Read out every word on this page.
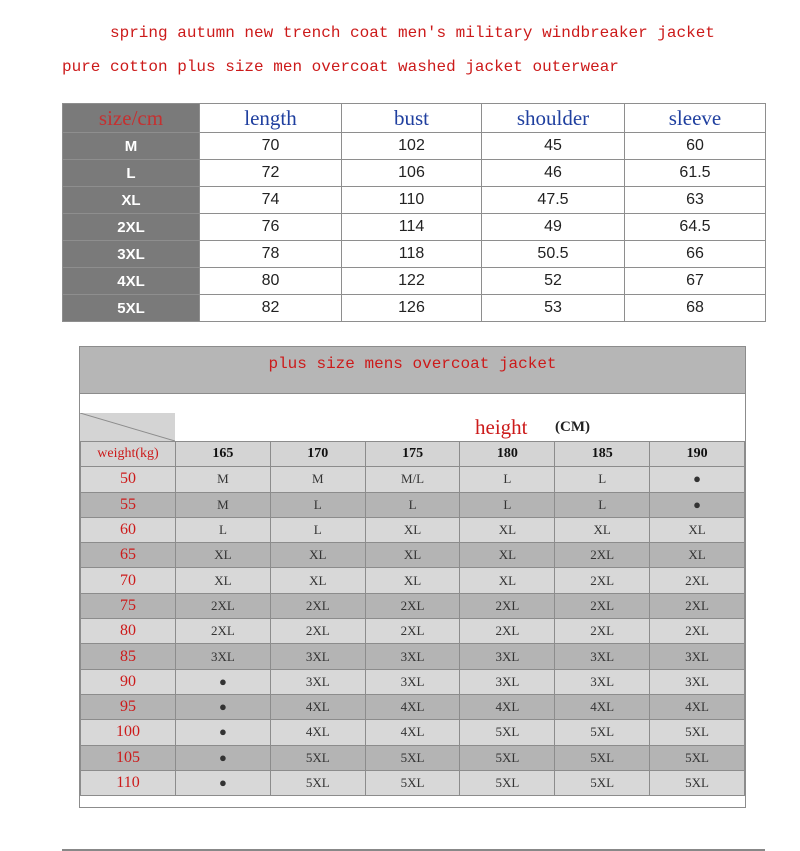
spring autumn new trench coat men's military windbreaker jacket
pure cotton plus size men overcoat washed jacket outerwear
size/cm	length	bust	shoulder	sleeve
M	70	102	45	60
L	72	106	46	61.5
XL	74	110	47.5	63
2XL	76	114	49	64.5
3XL	78	118	50.5	66
4XL	80	122	52	67
5XL	82	126	53	68
plus size mens overcoat jacket
height (CM)
weight(kg)	165	170	175	180	185	190
50	M	M	M/L	L	L	●
55	M	L	L	L	L	●
60	L	L	XL	XL	XL	XL
65	XL	XL	XL	XL	2XL	XL
70	XL	XL	XL	XL	2XL	2XL
75	2XL	2XL	2XL	2XL	2XL	2XL
80	2XL	2XL	2XL	2XL	2XL	2XL
85	3XL	3XL	3XL	3XL	3XL	3XL
90	●	3XL	3XL	3XL	3XL	3XL
95	●	4XL	4XL	4XL	4XL	4XL
100	●	4XL	4XL	5XL	5XL	5XL
105	●	5XL	5XL	5XL	5XL	5XL
110	●	5XL	5XL	5XL	5XL	5XL
